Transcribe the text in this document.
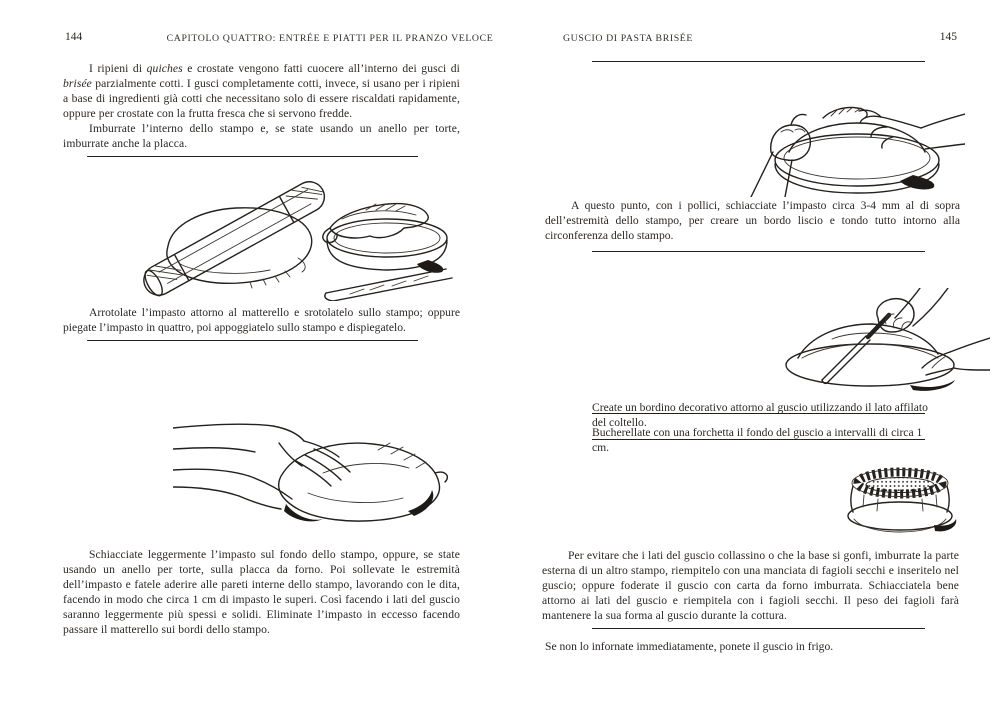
144	CAPITOLO QUATTRO: ENTRÉE E PIATTI PER IL PRANZO VELOCE

I ripieni di quiches e crostate vengono fatti cuocere all’interno dei gusci di brisée parzialmente cotti. I gusci completamente cotti, invece, si usano per i ripieni a base di ingredienti già cotti che necessitano solo di essere riscaldati rapidamente, oppure per crostate con la frutta fresca che si servono fredde.

Imburrate l’interno dello stampo e, se state usando un anello per torte, imburrate anche la placca.

Arrotolate l’impasto attorno al matterello e srotolatelo sullo stampo; oppure piegate l’impasto in quattro, poi appoggiatelo sullo stampo e dispiegatelo.

Schiacciate leggermente l’impasto sul fondo dello stampo, oppure, se state usando un anello per torte, sulla placca da forno. Poi sollevate le estremità dell’impasto e fatele aderire alle pareti interne dello stampo, lavorando con le dita, facendo in modo che circa 1 cm di impasto le superi. Così facendo i lati del guscio saranno leggermente più spessi e solidi. Eliminate l’impasto in eccesso facendo passare il matterello sui bordi dello stampo.

GUSCIO DI PASTA BRISÉE	145
A questo punto, con i pollici, schiacciate l’impasto circa 3-4 mm al di sopra dell’estremità dello stampo, per creare un bordo liscio e tondo tutto intorno alla circonferenza dello stampo.
Create un bordino decorativo attorno al guscio utilizzando il lato affilato del coltello.
Bucherellate con una forchetta il fondo del guscio a intervalli di circa 1 cm.

Per evitare che i lati del guscio collassino o che la base si gonfi, imburrate la parte esterna di un altro stampo, riempitelo con una manciata di fagioli secchi e inseritelo nel guscio; oppure foderate il guscio con carta da forno imburrata. Schiacciatela bene attorno ai lati del guscio e riempitela con i fagioli secchi. Il peso dei fagioli farà mantenere la sua forma al guscio durante la cottura.

Se non lo infornate immediatamente, ponete il guscio in frigo.
